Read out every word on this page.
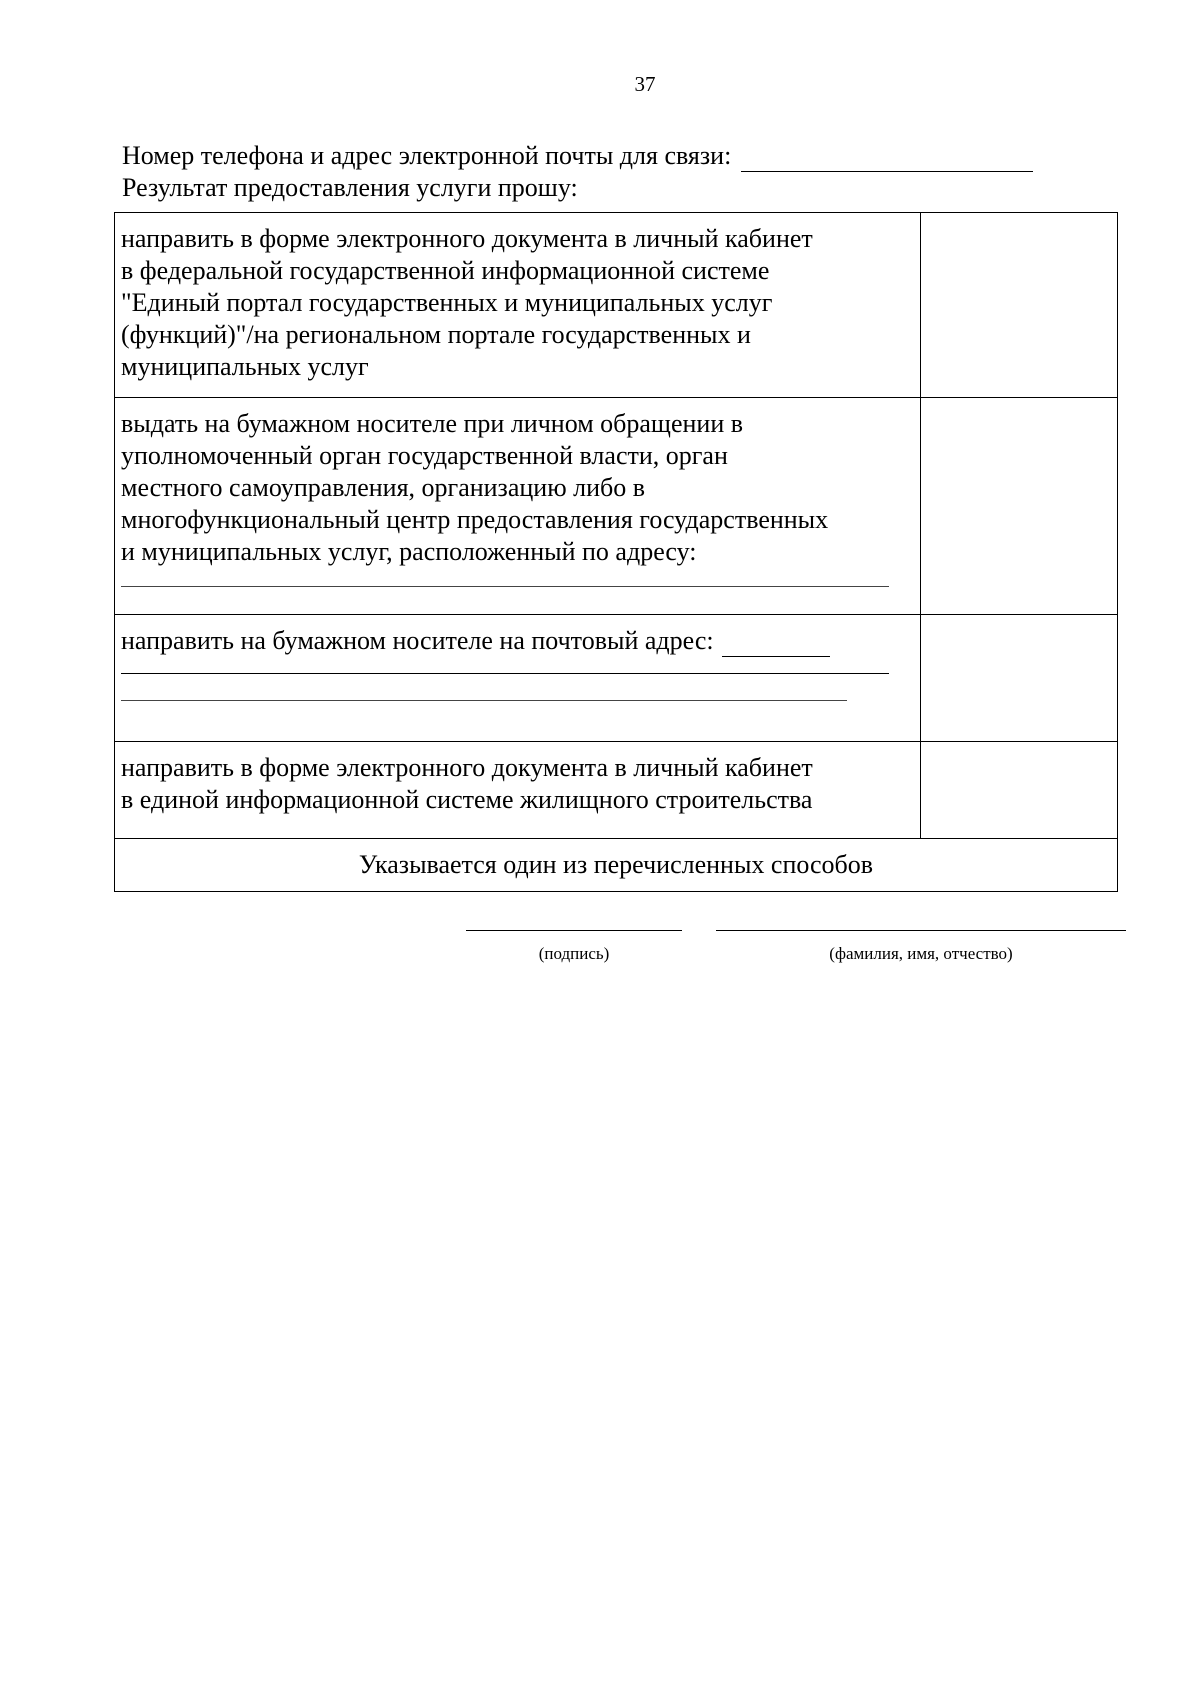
37
Номер телефона и адрес электронной почты для связи:
Результат предоставления услуги прошу:
направить в форме электронного документа в личный кабинет
в федеральной государственной информационной системе
"Единый портал государственных и муниципальных услуг
(функций)"/на региональном портале государственных и
муниципальных услуг	

выдать на бумажном носителе при личном обращении в
уполномоченный орган государственной власти, орган
местного самоуправления, организацию либо в
многофункциональный центр предоставления государственных
и муниципальных услуг, расположенный по адресу:	

направить на бумажном носителе на почтовый адрес:	

направить в форме электронного документа в личный кабинет
в единой информационной системе жилищного строительства	

Указывается один из перечисленных способов	
(подпись)	(фамилия, имя, отчество)
